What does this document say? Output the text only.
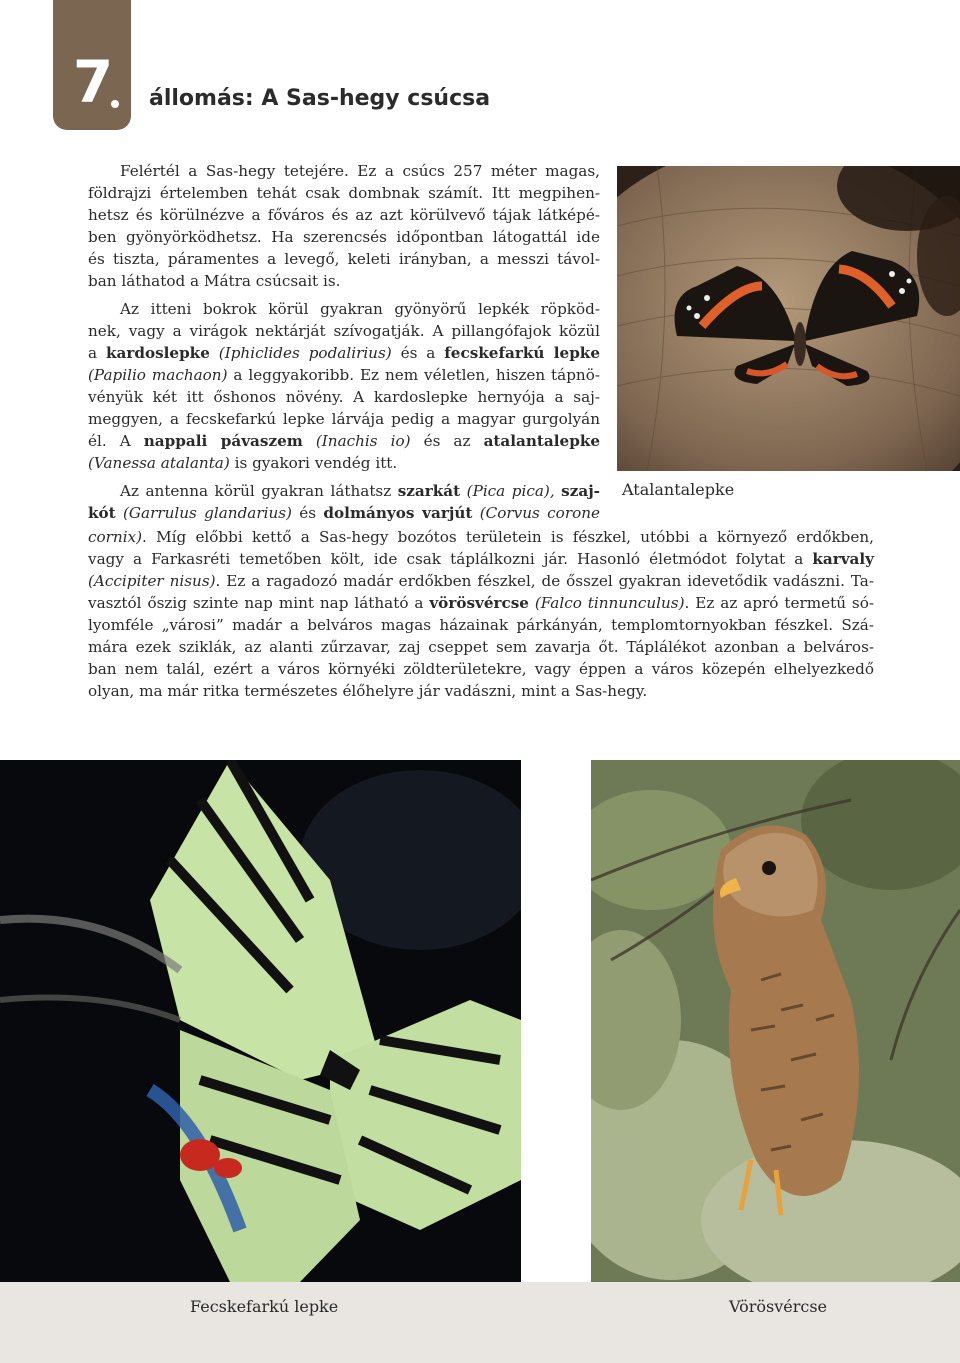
7	állomás: A Sas-hegy csúcsa
Felértél a Sas-hegy tetejére. Ez a csúcs 257 méter magas,
földrajzi értelemben tehát csak dombnak számít. Itt megpihen-
hetsz és körülnézve a főváros és az azt körülvevő tájak látképé-
ben gyönyörködhetsz. Ha szerencsés időpontban látogattál ide
és tiszta, páramentes a levegő, keleti irányban, a messzi távol-
ban láthatod a Mátra csúcsait is.
Az itteni bokrok körül gyakran gyönyörű lepkék röpköd-
nek, vagy a virágok nektárját szívogatják. A pillangófajok közül
a kardoslepke (Iphiclides podalirius) és a fecskefarkú lepke
(Papilio machaon) a leggyakoribb. Ez nem véletlen, hiszen tápnö-
vényük két itt őshonos növény. A kardoslepke hernyója a saj-
meggyen, a fecskefarkú lepke lárvája pedig a magyar gurgolyán
él. A nappali pávaszem (Inachis io) és az atalantalepke
(Vanessa atalanta) is gyakori vendég itt.
Az antenna körül gyakran láthatsz szarkát (Pica pica), szaj-
kót (Garrulus glandarius) és dolmányos varjút (Corvus corone
cornix). Míg előbbi kettő a Sas-hegy bozótos területein is fészkel, utóbbi a környező erdőkben,
vagy a Farkasréti temetőben költ, ide csak táplálkozni jár. Hasonló életmódot folytat a karvaly
(Accipiter nisus). Ez a ragadozó madár erdőkben fészkel, de ősszel gyakran idevetődik vadászni. Ta-
vasztól őszig szinte nap mint nap látható a vörösvércse (Falco tinnunculus). Ez az apró termetű só-
lyomféle „városi” madár a belváros magas házainak párkányán, templomtornyokban fészkel. Szá-
mára ezek sziklák, az alanti zűrzavar, zaj cseppet sem zavarja őt. Táplálékot azonban a belváros-
ban nem talál, ezért a város környéki zöldterületekre, vagy éppen a város közepén elhelyezkedő
olyan, ma már ritka természetes élőhelyre jár vadászni, mint a Sas-hegy.
Atalantalepke
Fecskefarkú lepke	Vörösvércse
